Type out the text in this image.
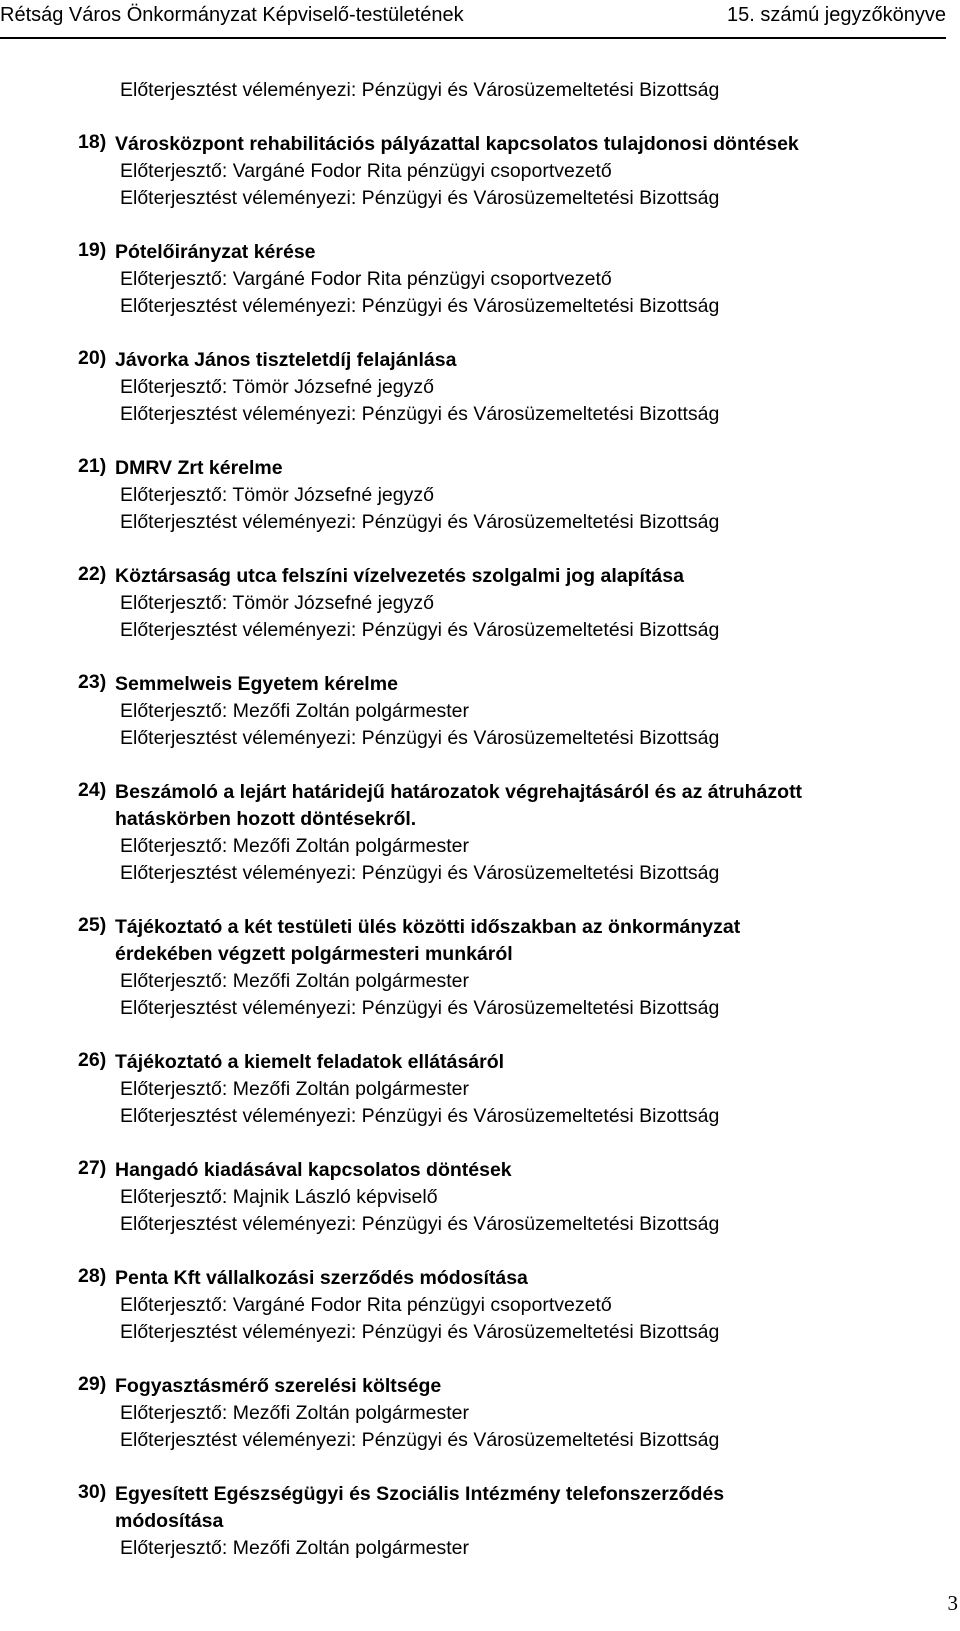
Rétság Város Önkormányzat Képviselő-testületének	15. számú jegyzőkönyve
Előterjesztést véleményezi: Pénzügyi és Városüzemeltetési Bizottság
18) Városközpont rehabilitációs pályázattal kapcsolatos tulajdonosi döntések
Előterjesztő: Vargáné Fodor Rita pénzügyi csoportvezető
Előterjesztést véleményezi: Pénzügyi és Városüzemeltetési Bizottság
19) Pótelőirányzat kérése
Előterjesztő: Vargáné Fodor Rita pénzügyi csoportvezető
Előterjesztést véleményezi: Pénzügyi és Városüzemeltetési Bizottság
20) Jávorka János tiszteletdíj felajánlása
Előterjesztő: Tömör Józsefné jegyző
Előterjesztést véleményezi: Pénzügyi és Városüzemeltetési Bizottság
21) DMRV Zrt kérelme
Előterjesztő: Tömör Józsefné jegyző
Előterjesztést véleményezi: Pénzügyi és Városüzemeltetési Bizottság
22) Köztársaság utca felszíni vízelvezetés szolgalmi jog alapítása
Előterjesztő: Tömör Józsefné jegyző
Előterjesztést véleményezi: Pénzügyi és Városüzemeltetési Bizottság
23) Semmelweis Egyetem kérelme
Előterjesztő: Mezőfi Zoltán polgármester
Előterjesztést véleményezi: Pénzügyi és Városüzemeltetési Bizottság
24) Beszámoló a lejárt határidejű határozatok végrehajtásáról és az átruházott
hatáskörben hozott döntésekről.
Előterjesztő: Mezőfi Zoltán polgármester
Előterjesztést véleményezi: Pénzügyi és Városüzemeltetési Bizottság
25) Tájékoztató a két testületi ülés közötti időszakban az önkormányzat
érdekében végzett polgármesteri munkáról
Előterjesztő: Mezőfi Zoltán polgármester
Előterjesztést véleményezi: Pénzügyi és Városüzemeltetési Bizottság
26) Tájékoztató a kiemelt feladatok ellátásáról
Előterjesztő: Mezőfi Zoltán polgármester
Előterjesztést véleményezi: Pénzügyi és Városüzemeltetési Bizottság
27) Hangadó kiadásával kapcsolatos döntések
Előterjesztő: Majnik László képviselő
Előterjesztést véleményezi: Pénzügyi és Városüzemeltetési Bizottság
28) Penta Kft vállalkozási szerződés módosítása
Előterjesztő: Vargáné Fodor Rita pénzügyi csoportvezető
Előterjesztést véleményezi: Pénzügyi és Városüzemeltetési Bizottság
29) Fogyasztásmérő szerelési költsége
Előterjesztő: Mezőfi Zoltán polgármester
Előterjesztést véleményezi: Pénzügyi és Városüzemeltetési Bizottság
30) Egyesített Egészségügyi és Szociális Intézmény telefonszerződés
módosítása
Előterjesztő: Mezőfi Zoltán polgármester
3
